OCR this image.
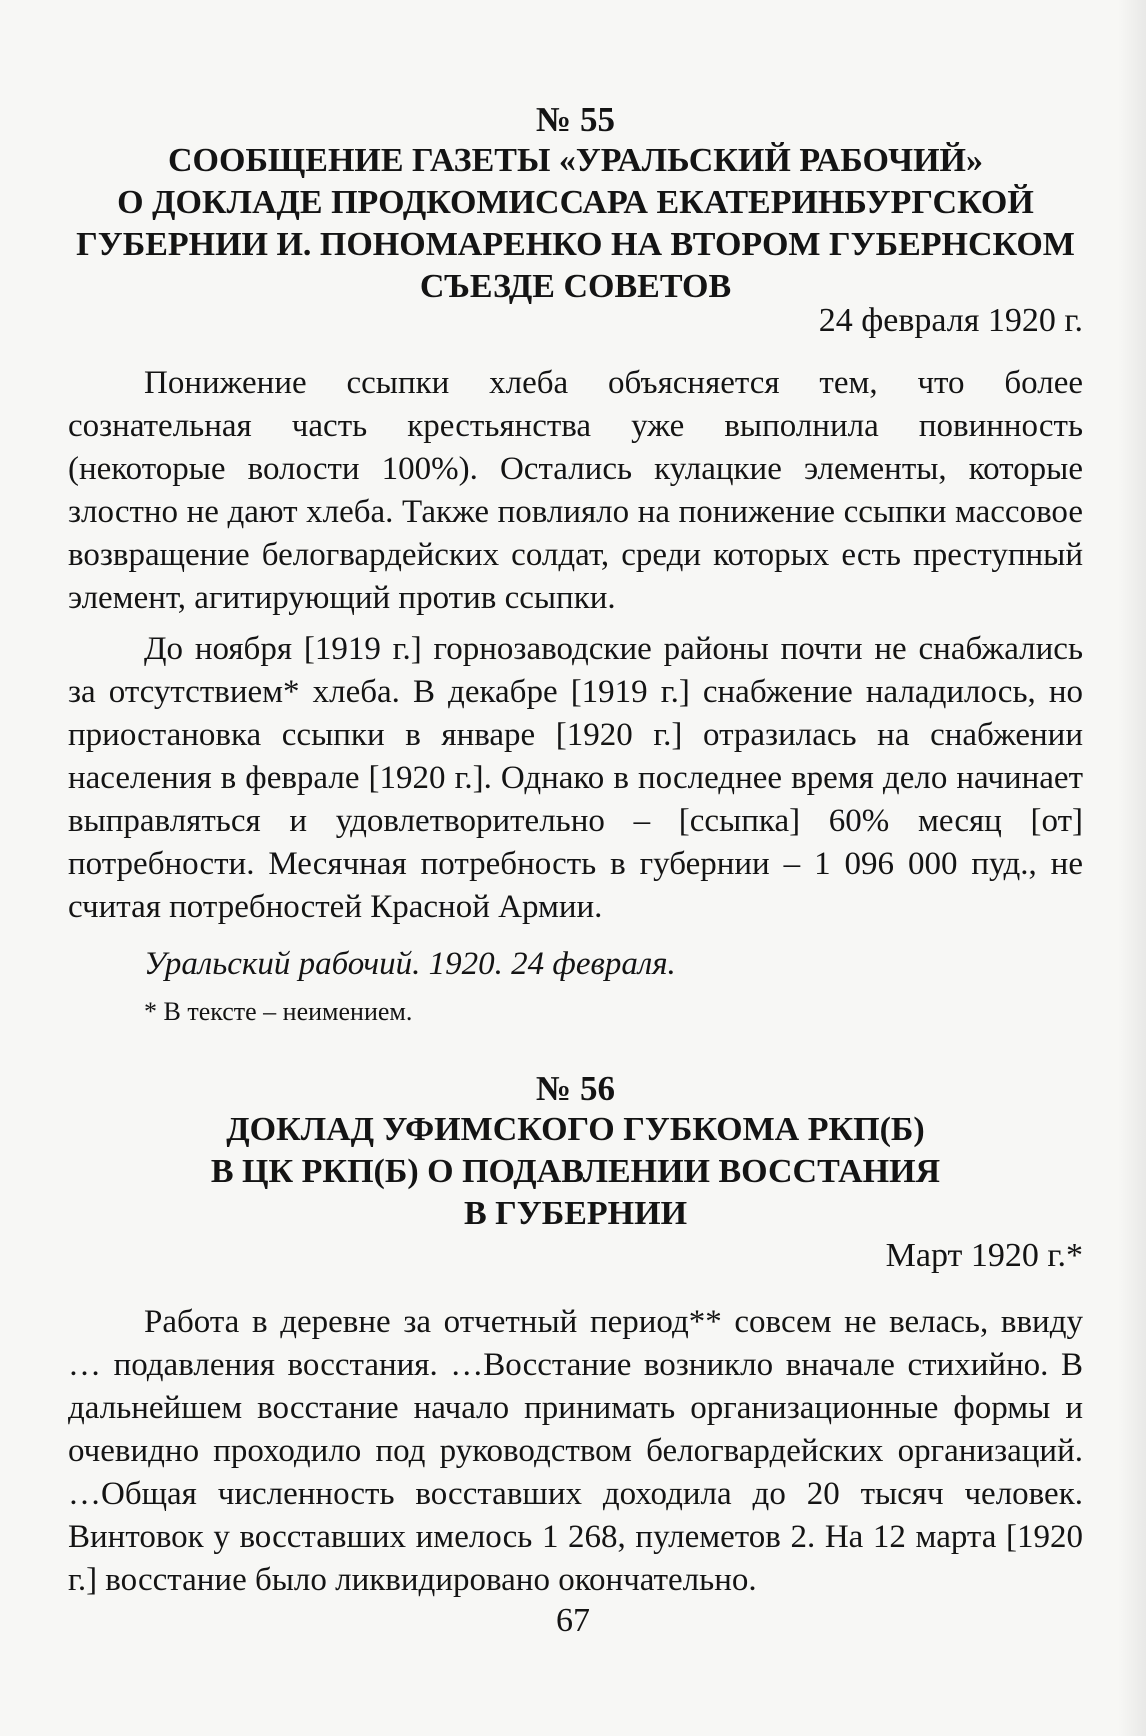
№ 55
СООБЩЕНИЕ ГАЗЕТЫ «УРАЛЬСКИЙ РАБОЧИЙ»
О ДОКЛАДЕ ПРОДКОМИССАРА ЕКАТЕРИНБУРГСКОЙ
ГУБЕРНИИ И. ПОНОМАРЕНКО НА ВТОРОМ ГУБЕРНСКОМ
СЪЕЗДЕ СОВЕТОВ

24 февраля 1920 г.

Понижение ссыпки хлеба объясняется тем, что более сознательная часть крестьянства уже выполнила повинность (некоторые волости 100%). Остались кулацкие элементы, которые злостно не дают хлеба. Также повлияло на понижение ссыпки массовое возвращение белогвардейских солдат, среди которых есть преступный элемент, агитирующий против ссыпки.

До ноября [1919 г.] горнозаводские районы почти не снабжались за отсутствием* хлеба. В декабре [1919 г.] снабжение наладилось, но приостановка ссыпки в январе [1920 г.] отразилась на снабжении населения в феврале [1920 г.]. Однако в последнее время дело начинает выправляться и удовлетворительно – [ссыпка] 60% месяц [от] потребности. Месячная потребность в губернии – 1 096 000 пуд., не считая потребностей Красной Армии.

Уральский рабочий. 1920. 24 февраля.

* В тексте – неимением.

№ 56
ДОКЛАД УФИМСКОГО ГУБКОМА РКП(Б)
В ЦК РКП(Б) О ПОДАВЛЕНИИ ВОССТАНИЯ
В ГУБЕРНИИ

Март 1920 г.*

Работа в деревне за отчетный период** совсем не велась, ввиду … подавления восстания. …Восстание возникло вначале стихийно. В дальнейшем восстание начало принимать организационные формы и очевидно проходило под руководством белогвардейских организаций. …Общая численность восставших доходила до 20 тысяч человек. Винтовок у восставших имелось 1 268, пулеметов 2. На 12 марта [1920 г.] восстание было ликвидировано окончательно.

67
